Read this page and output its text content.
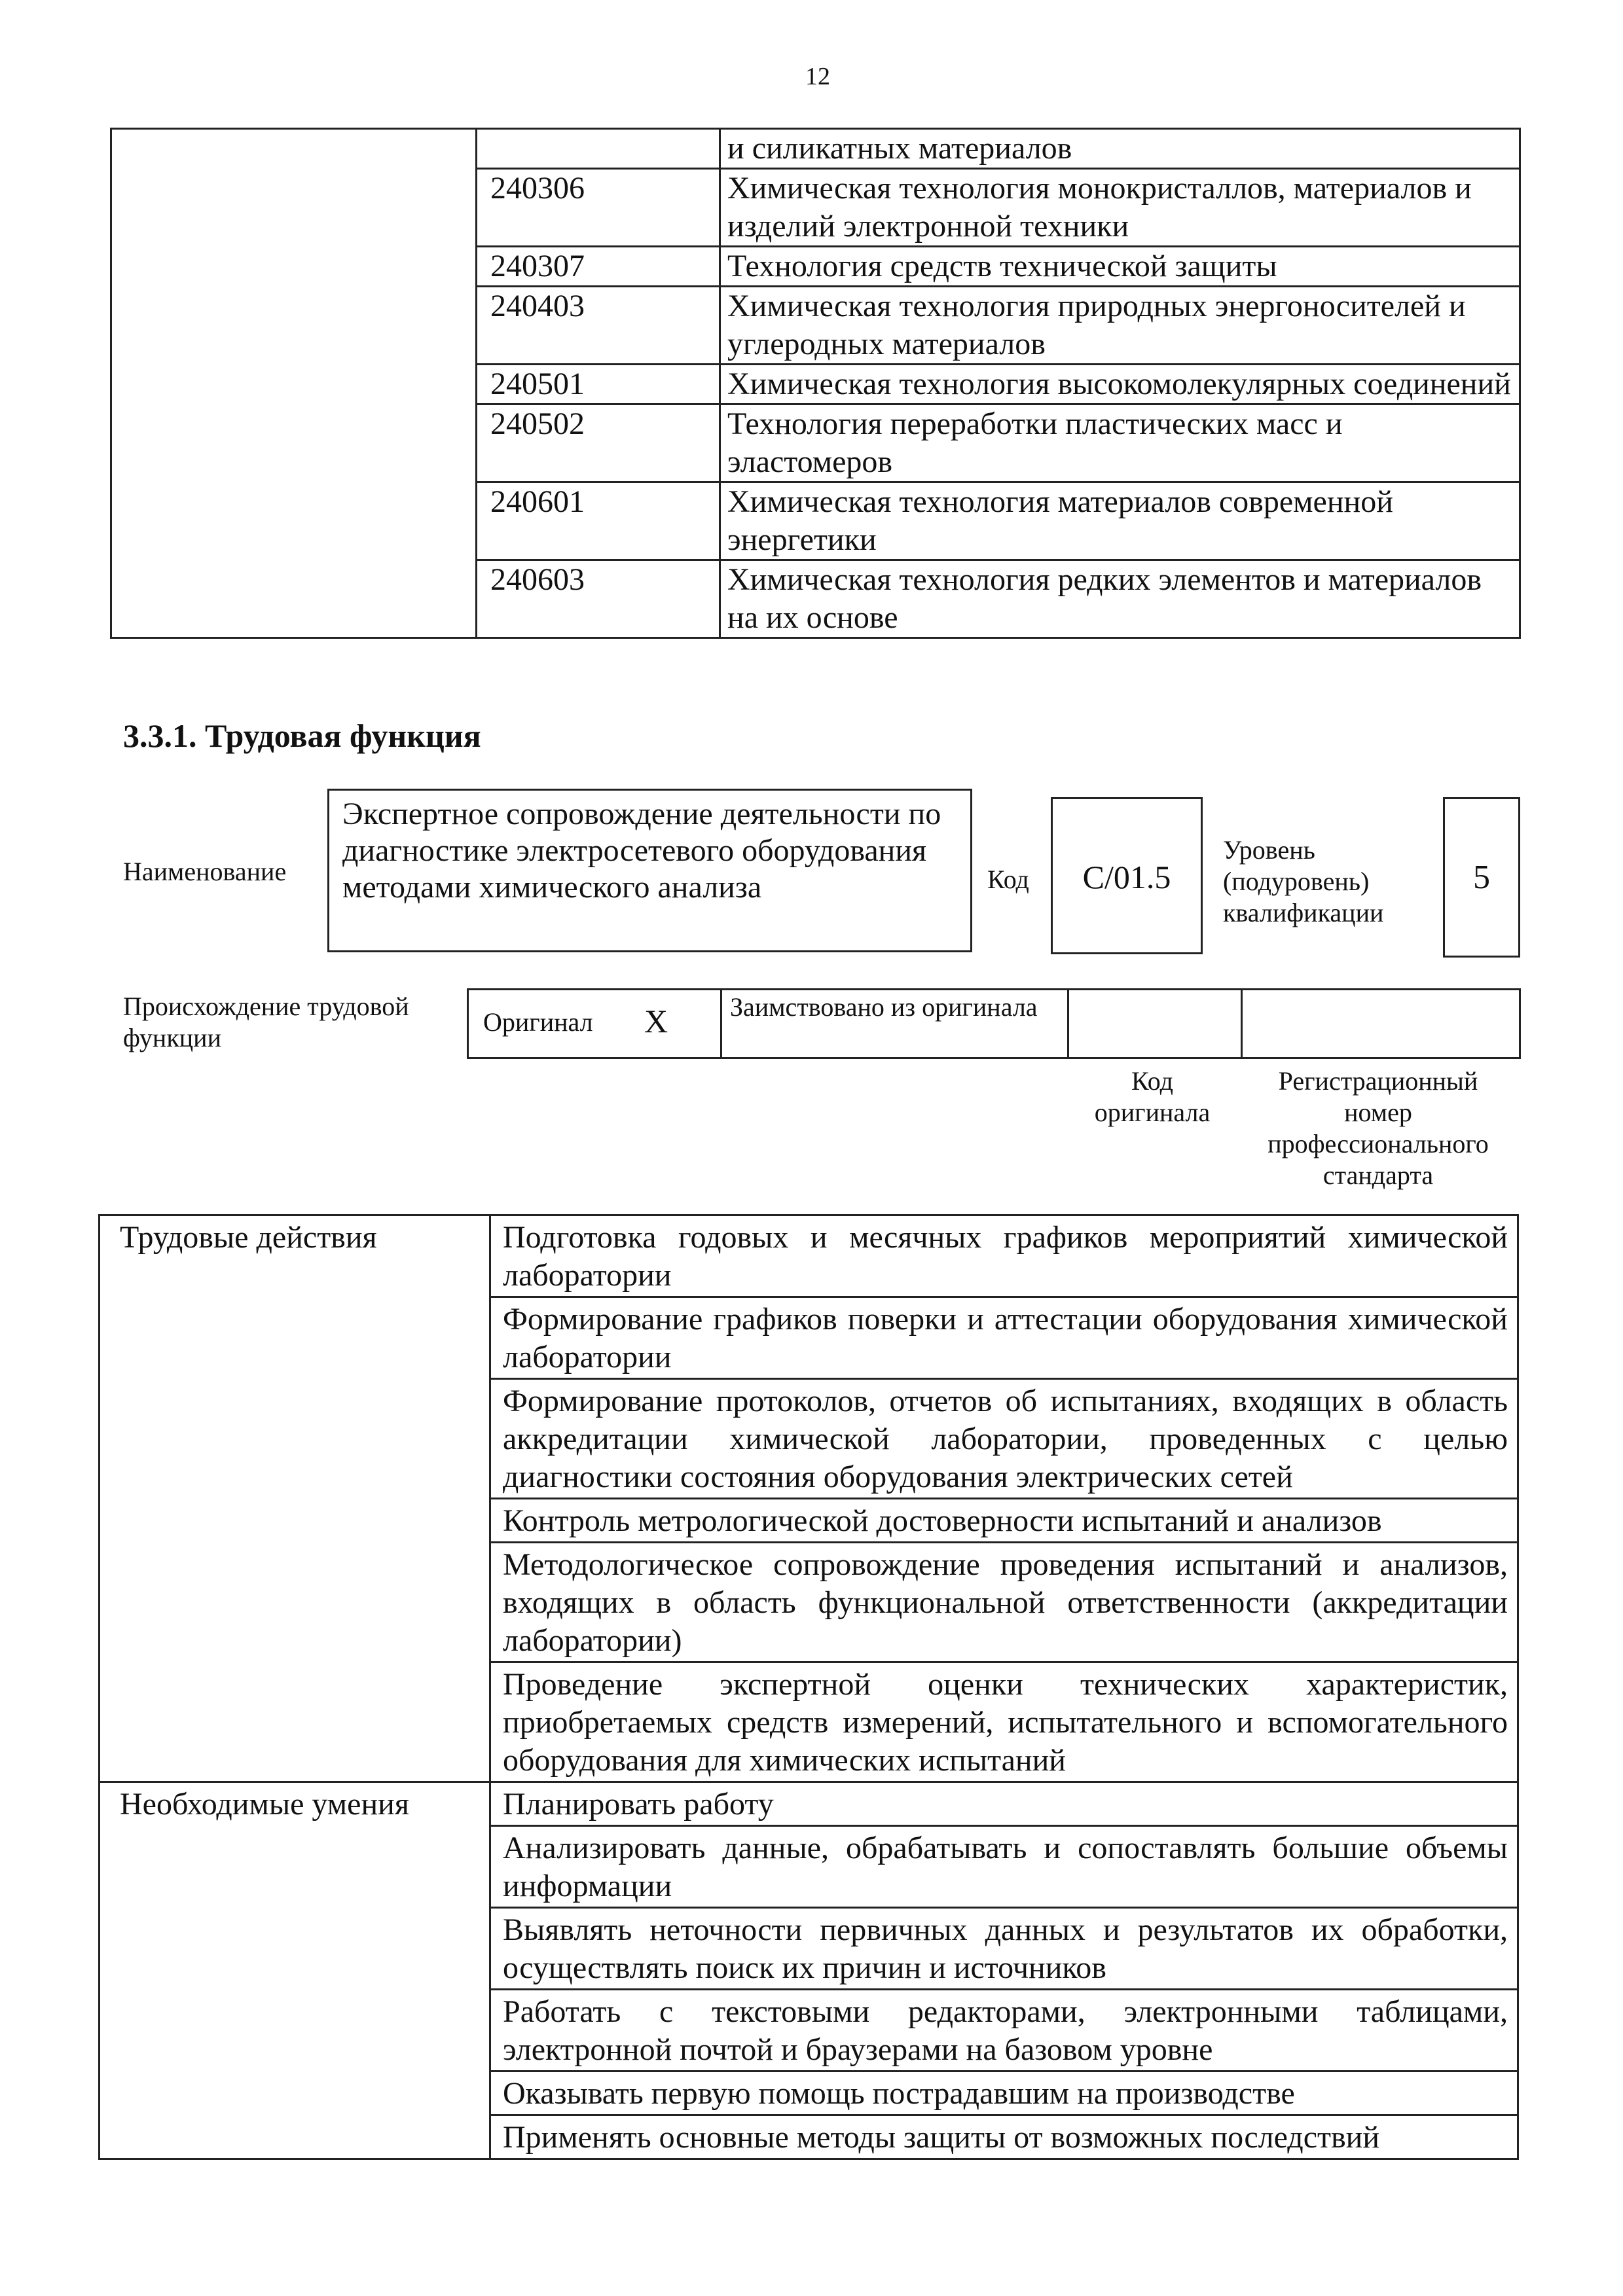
12
		и силикатных материалов
	240306	Химическая технология монокристаллов, материалов и изделий электронной техники
	240307	Технология средств технической защиты
	240403	Химическая технология природных энергоносителей и углеродных материалов
	240501	Химическая технология высокомолекулярных соединений
	240502	Технология переработки пластических масс и эластомеров
	240601	Химическая технология материалов современной энергетики
	240603	Химическая технология редких элементов и материалов на их основе
3.3.1. Трудовая функция
Наименование
Экспертное сопровождение деятельности по диагностике электросетевого оборудования методами химического анализа	Код	С/01.5
Уровень (подуровень) квалификации
5
Происхождение трудовой функции
Оригинал X Заимствовано из оригинала
Код оригинала
Регистрационный номер профессионального стандарта
Трудовые действия	Подготовка годовых и месячных графиков мероприятий химической лаборатории
	Формирование графиков поверки и аттестации оборудования химической лаборатории
	Формирование протоколов, отчетов об испытаниях, входящих в область аккредитации химической лаборатории, проведенных с целью диагностики состояния оборудования электрических сетей
	Контроль метрологической достоверности испытаний и анализов
	Методологическое сопровождение проведения испытаний и анализов, входящих в область функциональной ответственности (аккредитации лаборатории)
	Проведение экспертной оценки технических характеристик, приобретаемых средств измерений, испытательного и вспомогательного оборудования для химических испытаний
Необходимые умения	Планировать работу
	Анализировать данные, обрабатывать и сопоставлять большие объемы информации
	Выявлять неточности первичных данных и результатов их обработки, осуществлять поиск их причин и источников
	Работать с текстовыми редакторами, электронными таблицами, электронной почтой и браузерами на базовом уровне
	Оказывать первую помощь пострадавшим на производстве
	Применять основные методы защиты от возможных последствий
